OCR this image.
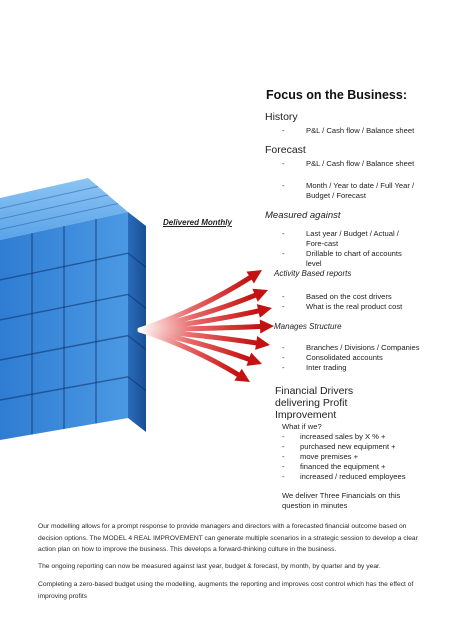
Focus on the Business:
History
- P&L / Cash flow / Balance sheet
Forecast
- P&L / Cash flow / Balance sheet
- Month / Year to date / Full Year / Budget / Forecast
Delivered Monthly
Measured against
- Last year / Budget / Actual / Fore-cast
- Drillable to chart of accounts level
Activity Based reports
- Based on the cost drivers
- What is the real product cost
Manages Structure
- Branches / Divisions / Companies
- Consolidated accounts
- Inter trading
Financial Drivers delivering Profit Improvement
What if we?
- increased sales by X % +
- purchased new equipment +
- move premises +
- financed the equipment +
- increased / reduced employees
We deliver Three Financials on this question in minutes

Our modelling allows for a prompt response to provide managers and directors with a forecasted financial outcome based on decision options. The MODEL 4 REAL IMPROVEMENT can generate multiple scenarios in a strategic session to develop a clear action plan on how to improve the business. This develops a forward-thinking culture in the business.

The ongoing reporting can now be measured against last year, budget & forecast, by month, by quarter and by year.

Completing a zero-based budget using the modelling, augments the reporting and improves cost control which has the effect of improving profits
